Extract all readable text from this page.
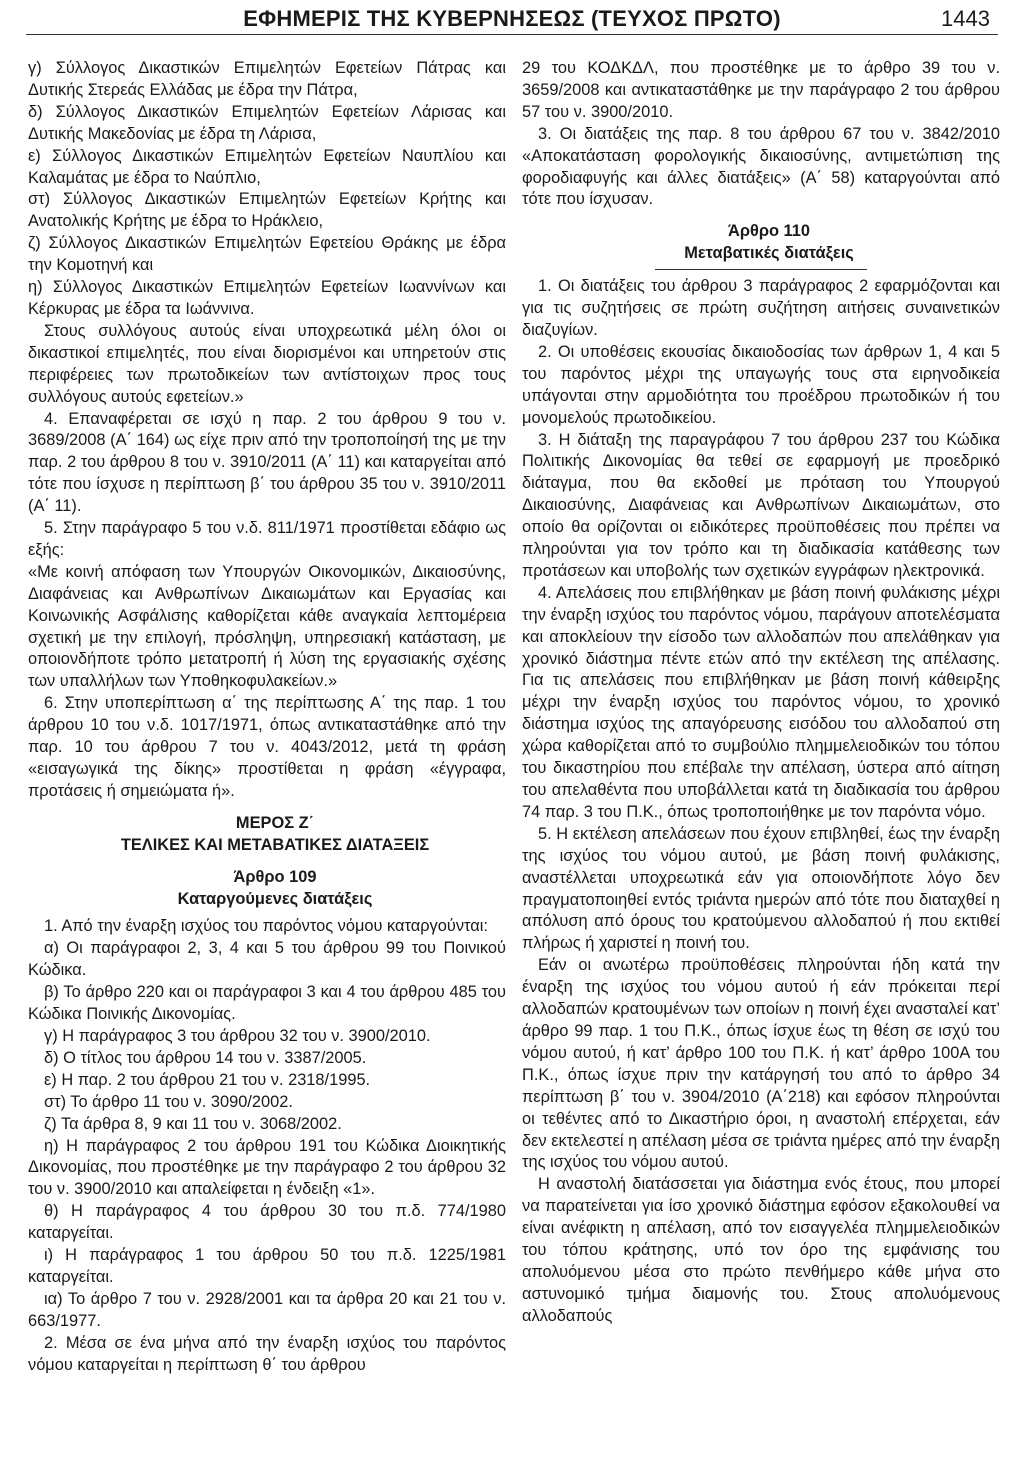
ΕΦΗΜΕΡΙΣ ΤΗΣ ΚΥΒΕΡΝΗΣΕΩΣ (ΤΕΥΧΟΣ ΠΡΩΤΟ)	1443

γ) Σύλλογος Δικαστικών Επιμελητών Εφετείων Πάτρας και Δυτικής Στερεάς Ελλάδας με έδρα την Πάτρα,

δ) Σύλλογος Δικαστικών Επιμελητών Εφετείων Λάρισας και Δυτικής Μακεδονίας με έδρα τη Λάρισα,

ε) Σύλλογος Δικαστικών Επιμελητών Εφετείων Ναυπλίου και Καλαμάτας με έδρα το Ναύπλιο,

στ) Σύλλογος Δικαστικών Επιμελητών Εφετείων Κρήτης και Ανατολικής Κρήτης με έδρα το Ηράκλειο,

ζ) Σύλλογος Δικαστικών Επιμελητών Εφετείου Θράκης με έδρα την Κομοτηνή και

η) Σύλλογος Δικαστικών Επιμελητών Εφετείων Ιωαννίνων και Κέρκυρας με έδρα τα Ιωάννινα.

Στους συλλόγους αυτούς είναι υποχρεωτικά μέλη όλοι οι δικαστικοί επιμελητές, που είναι διορισμένοι και υπηρετούν στις περιφέρειες των πρωτοδικείων των αντίστοιχων προς τους συλλόγους αυτούς εφετείων.»

4. Επαναφέρεται σε ισχύ η παρ. 2 του άρθρου 9 του ν. 3689/2008 (Α΄ 164) ως είχε πριν από την τροποποίησή της με την παρ. 2 του άρθρου 8 του ν. 3910/2011 (Α΄ 11) και καταργείται από τότε που ίσχυσε η περίπτωση β΄ του άρθρου 35 του ν. 3910/2011 (Α΄ 11).

5. Στην παράγραφο 5 του ν.δ. 811/1971 προστίθεται εδάφιο ως εξής:

«Με κοινή απόφαση των Υπουργών Οικονομικών, Δικαιοσύνης, Διαφάνειας και Ανθρωπίνων Δικαιωμάτων και Εργασίας και Κοινωνικής Ασφάλισης καθορίζεται κάθε αναγκαία λεπτομέρεια σχετική με την επιλογή, πρόσληψη, υπηρεσιακή κατάσταση, με οποιονδήποτε τρόπο μετατροπή ή λύση της εργασιακής σχέσης των υπαλλήλων των Υποθηκοφυλακείων.»

6. Στην υποπερίπτωση α΄ της περίπτωσης Α΄ της παρ. 1 του άρθρου 10 του ν.δ. 1017/1971, όπως αντικαταστάθηκε από την παρ. 10 του άρθρου 7 του ν. 4043/2012, μετά τη φράση «εισαγωγικά της δίκης» προστίθεται η φράση «έγγραφα, προτάσεις ή σημειώματα ή».

ΜΕΡΟΣ Ζ΄

ΤΕΛΙΚΕΣ ΚΑΙ ΜΕΤΑΒΑΤΙΚΕΣ ΔΙΑΤΑΞΕΙΣ

Άρθρο 109

Καταργούμενες διατάξεις

1. Από την έναρξη ισχύος του παρόντος νόμου καταργούνται:

α) Οι παράγραφοι 2, 3, 4 και 5 του άρθρου 99 του Ποινικού Κώδικα.

β) Το άρθρο 220 και οι παράγραφοι 3 και 4 του άρθρου 485 του Κώδικα Ποινικής Δικονομίας.

γ) Η παράγραφος 3 του άρθρου 32 του ν. 3900/2010.

δ) Ο τίτλος του άρθρου 14 του ν. 3387/2005.

ε) Η παρ. 2 του άρθρου 21 του ν. 2318/1995.

στ) Το άρθρο 11 του ν. 3090/2002.

ζ) Τα άρθρα 8, 9 και 11 του ν. 3068/2002.

η) Η παράγραφος 2 του άρθρου 191 του Κώδικα Διοικητικής Δικονομίας, που προστέθηκε με την παράγραφο 2 του άρθρου 32 του ν. 3900/2010 και απαλείφεται η ένδειξη «1».

θ) Η παράγραφος 4 του άρθρου 30 του π.δ. 774/1980 καταργείται.

ι) Η παράγραφος 1 του άρθρου 50 του π.δ. 1225/1981 καταργείται.

ια) Το άρθρο 7 του ν. 2928/2001 και τα άρθρα 20 και 21 του ν. 663/1977.

2. Μέσα σε ένα μήνα από την έναρξη ισχύος του παρόντος νόμου καταργείται η περίπτωση θ΄ του άρθρου

29 του ΚΟΔΚΔΛ, που προστέθηκε με το άρθρο 39 του ν. 3659/2008 και αντικαταστάθηκε με την παράγραφο 2 του άρθρου 57 του ν. 3900/2010.

3. Οι διατάξεις της παρ. 8 του άρθρου 67 του ν. 3842/2010 «Αποκατάσταση φορολογικής δικαιοσύνης, αντιμετώπιση της φοροδιαφυγής και άλλες διατάξεις» (Α΄ 58) καταργούνται από τότε που ίσχυσαν.

Άρθρο 110

Μεταβατικές διατάξεις

1. Οι διατάξεις του άρθρου 3 παράγραφος 2 εφαρμόζονται και για τις συζητήσεις σε πρώτη συζήτηση αιτήσεις συναινετικών διαζυγίων.

2. Οι υποθέσεις εκουσίας δικαιοδοσίας των άρθρων 1, 4 και 5 του παρόντος μέχρι της υπαγωγής τους στα ειρηνοδικεία υπάγονται στην αρμοδιότητα του προέδρου πρωτοδικών ή του μονομελούς πρωτοδικείου.

3. Η διάταξη της παραγράφου 7 του άρθρου 237 του Κώδικα Πολιτικής Δικονομίας θα τεθεί σε εφαρμογή με προεδρικό διάταγμα, που θα εκδοθεί με πρόταση του Υπουργού Δικαιοσύνης, Διαφάνειας και Ανθρωπίνων Δικαιωμάτων, στο οποίο θα ορίζονται οι ειδικότερες προϋποθέσεις που πρέπει να πληρούνται για τον τρόπο και τη διαδικασία κατάθεσης των προτάσεων και υποβολής των σχετικών εγγράφων ηλεκτρονικά.

4. Απελάσεις που επιβλήθηκαν με βάση ποινή φυλάκισης μέχρι την έναρξη ισχύος του παρόντος νόμου, παράγουν αποτελέσματα και αποκλείουν την είσοδο των αλλοδαπών που απελάθηκαν για χρονικό διάστημα πέντε ετών από την εκτέλεση της απέλασης. Για τις απελάσεις που επιβλήθηκαν με βάση ποινή κάθειρξης μέχρι την έναρξη ισχύος του παρόντος νόμου, το χρονικό διάστημα ισχύος της απαγόρευσης εισόδου του αλλοδαπού στη χώρα καθορίζεται από το συμβούλιο πλημμελειοδικών του τόπου του δικαστηρίου που επέβαλε την απέλαση, ύστερα από αίτηση του απελαθέντα που υποβάλλεται κατά τη διαδικασία του άρθρου 74 παρ. 3 του Π.Κ., όπως τροποποιήθηκε με τον παρόντα νόμο.

5. Η εκτέλεση απελάσεων που έχουν επιβληθεί, έως την έναρξη της ισχύος του νόμου αυτού, με βάση ποινή φυλάκισης, αναστέλλεται υποχρεωτικά εάν για οποιονδήποτε λόγο δεν πραγματοποιηθεί εντός τριάντα ημερών από τότε που διαταχθεί η απόλυση από όρους του κρατούμενου αλλοδαπού ή που εκτιθεί πλήρως ή χαριστεί η ποινή του.

Εάν οι ανωτέρω προϋποθέσεις πληρούνται ήδη κατά την έναρξη της ισχύος του νόμου αυτού ή εάν πρόκειται περί αλλοδαπών κρατουμένων των οποίων η ποινή έχει ανασταλεί κατ’ άρθρο 99 παρ. 1 του Π.Κ., όπως ίσχυε έως τη θέση σε ισχύ του νόμου αυτού, ή κατ’ άρθρο 100 του Π.Κ. ή κατ’ άρθρο 100Α του Π.Κ., όπως ίσχυε πριν την κατάργησή του από το άρθρο 34 περίπτωση β΄ του ν. 3904/2010 (Α΄218) και εφόσον πληρούνται οι τεθέντες από το Δικαστήριο όροι, η αναστολή επέρχεται, εάν δεν εκτελεστεί η απέλαση μέσα σε τριάντα ημέρες από την έναρξη της ισχύος του νόμου αυτού.

Η αναστολή διατάσσεται για διάστημα ενός έτους, που μπορεί να παρατείνεται για ίσο χρονικό διάστημα εφόσον εξακολουθεί να είναι ανέφικτη η απέλαση, από τον εισαγγελέα πλημμελειοδικών του τόπου κράτησης, υπό τον όρο της εμφάνισης του απολυόμενου μέσα στο πρώτο πενθήμερο κάθε μήνα στο αστυνομικό τμήμα διαμονής του. Στους απολυόμενους αλλοδαπούς
